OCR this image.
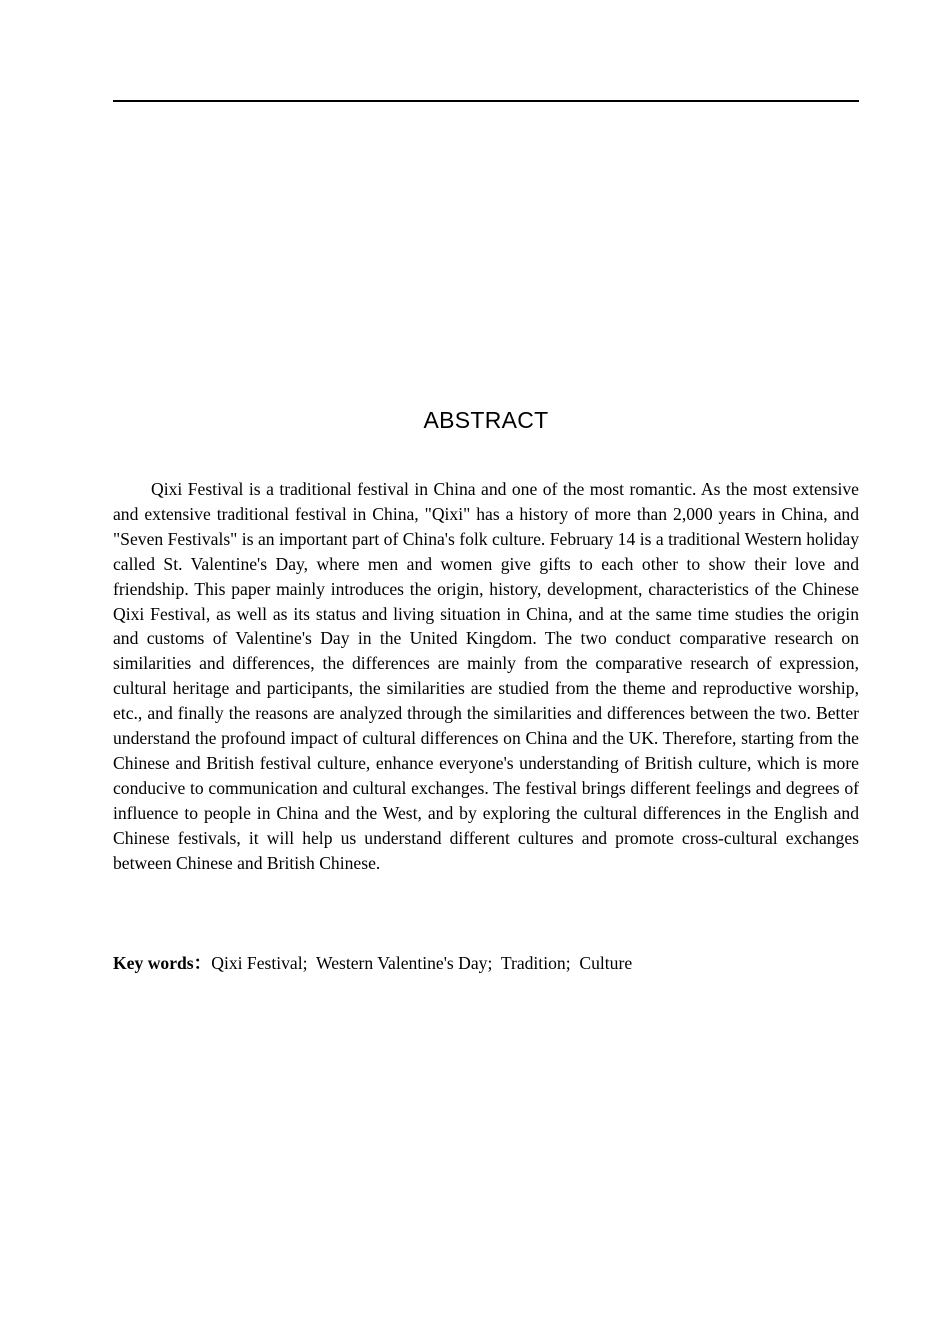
ABSTRACT

Qixi Festival is a traditional festival in China and one of the most romantic. As the most extensive and extensive traditional festival in China, "Qixi" has a history of more than 2,000 years in China, and "Seven Festivals" is an important part of China's folk culture. February 14 is a traditional Western holiday called St. Valentine's Day, where men and women give gifts to each other to show their love and friendship. This paper mainly introduces the origin, history, development, characteristics of the Chinese Qixi Festival, as well as its status and living situation in China, and at the same time studies the origin and customs of Valentine's Day in the United Kingdom. The two conduct comparative research on similarities and differences, the differences are mainly from the comparative research of expression, cultural heritage and participants, the similarities are studied from the theme and reproductive worship, etc., and finally the reasons are analyzed through the similarities and differences between the two. Better understand the profound impact of cultural differences on China and the UK. Therefore, starting from the Chinese and British festival culture, enhance everyone's understanding of British culture, which is more conducive to communication and cultural exchanges. The festival brings different feelings and degrees of influence to people in China and the West, and by exploring the cultural differences in the English and Chinese festivals, it will help us understand different cultures and promote cross-cultural exchanges between Chinese and British Chinese.

Key words：Qixi Festival;  Western Valentine's Day;  Tradition;  Culture
